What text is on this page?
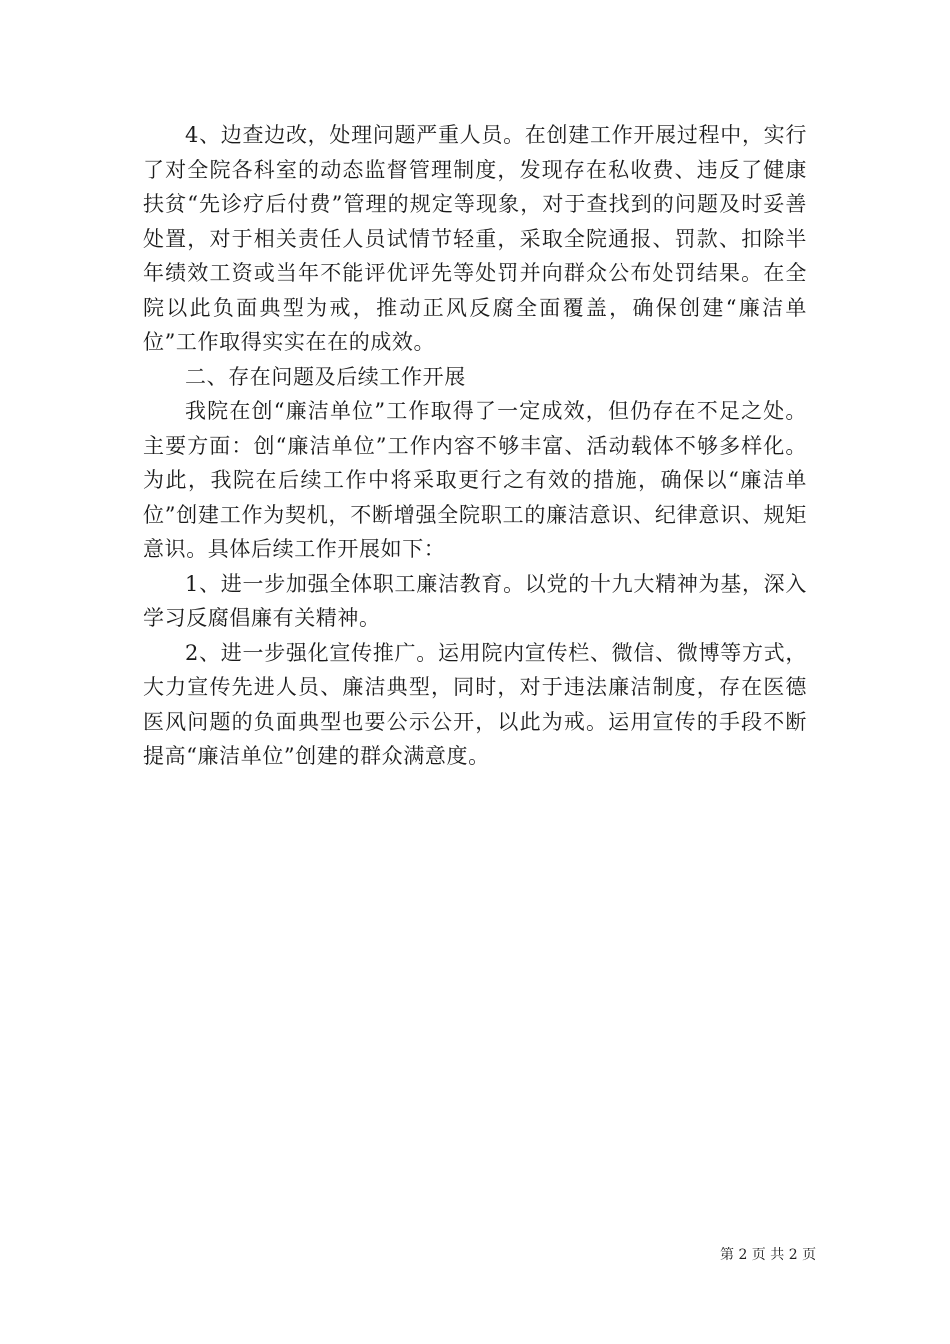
4、边查边改，处理问题严重人员。在创建工作开展过程中，实行了对全院各科室的动态监督管理制度，发现存在私收费、违反了健康扶贫“先诊疗后付费”管理的规定等现象，对于查找到的问题及时妥善处置，对于相关责任人员试情节轻重，采取全院通报、罚款、扣除半年绩效工资或当年不能评优评先等处罚并向群众公布处罚结果。在全院以此负面典型为戒，推动正风反腐全面覆盖，确保创建“廉洁单位”工作取得实实在在的成效。

二、存在问题及后续工作开展

我院在创“廉洁单位”工作取得了一定成效，但仍存在不足之处。主要方面：创“廉洁单位”工作内容不够丰富、活动载体不够多样化。为此，我院在后续工作中将采取更行之有效的措施，确保以“廉洁单位”创建工作为契机，不断增强全院职工的廉洁意识、纪律意识、规矩意识。具体后续工作开展如下：

1、进一步加强全体职工廉洁教育。以党的十九大精神为基，深入学习反腐倡廉有关精神。

2、进一步强化宣传推广。运用院内宣传栏、微信、微博等方式，大力宣传先进人员、廉洁典型，同时，对于违法廉洁制度，存在医德医风问题的负面典型也要公示公开，以此为戒。运用宣传的手段不断提高“廉洁单位”创建的群众满意度。

第 2 页 共 2 页
